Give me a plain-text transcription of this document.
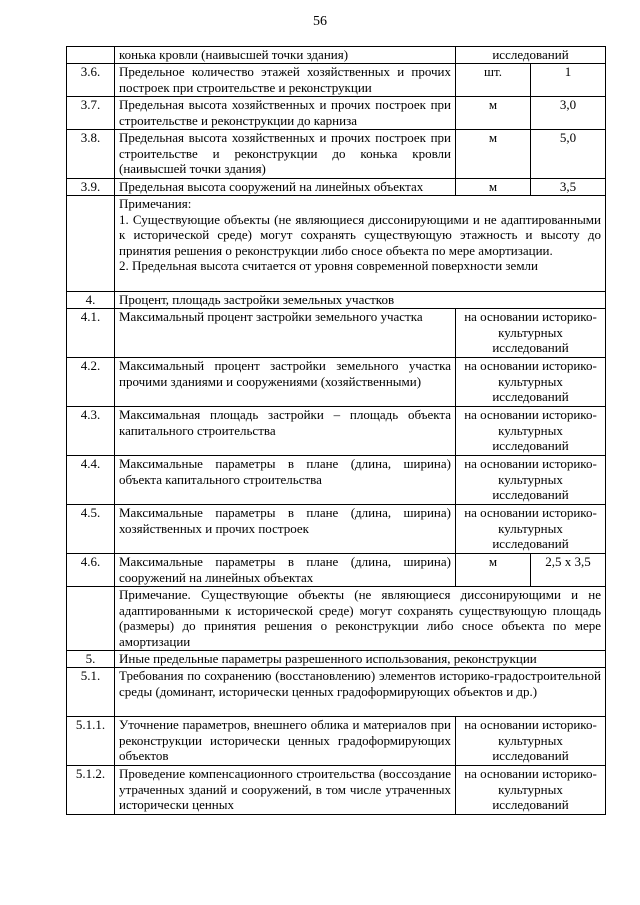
56
	конька кровли (наивысшей точки здания)	исследований	
3.6.	Предельное количество этажей хозяйственных и прочих построек при строительстве и реконструкции	шт.	1
3.7.	Предельная высота хозяйственных и прочих построек при строительстве и реконструкции до карниза	м	3,0
3.8.	Предельная высота хозяйственных и прочих построек при строительстве и реконструкции до конька кровли (наивысшей точки здания)	м	5,0
3.9.	Предельная высота сооружений на линейных объектах	м	3,5

	Примечания:
1. Существующие объекты (не являющиеся диссонирующими и не адаптированными к исторической среде) могут сохранять существующую этажность и высоту до принятия решения о реконструкции либо сносе объекта по мере амортизации.
2. Предельная высота считается от уровня современной поверхности земли		

4.	Процент, площадь застройки земельных участков		
4.1.	Максимальный процент застройки земельного участка	на основании историко-культурных исследований	
4.2.	Максимальный процент застройки земельного участка прочими зданиями и сооружениями (хозяйственными)	на основании историко-культурных исследований	
4.3.	Максимальная площадь застройки – площадь объекта капитального строительства	на основании историко-культурных исследований	
4.4.	Максимальные параметры в плане (длина, ширина) объекта капитального строительства	на основании историко-культурных исследований	
4.5.	Максимальные параметры в плане (длина, ширина) хозяйственных и прочих построек	на основании историко-культурных исследований	
4.6.	Максимальные параметры в плане (длина, ширина) сооружений на линейных объектах	м	2,5 х 3,5
	Примечание. Существующие объекты (не являющиеся диссонирующими и не адаптированными к исторической среде) могут сохранять существующую площадь (размеры) до принятия решения о реконструкции либо сносе объекта по мере амортизации		
5.	Иные предельные параметры разрешенного использования, реконструкции		
5.1.	Требования по сохранению (восстановлению) элементов историко-градостроительной среды (доминант, исторически ценных градоформирующих объектов и др.)		
5.1.1.	Уточнение параметров, внешнего облика и материалов при реконструкции исторически ценных градоформирующих объектов	на основании историко-культурных исследований	
5.1.2.	Проведение компенсационного строительства (воссоздание утраченных зданий и сооружений, в том числе утраченных исторически ценных	на основании историко-культурных исследований	
